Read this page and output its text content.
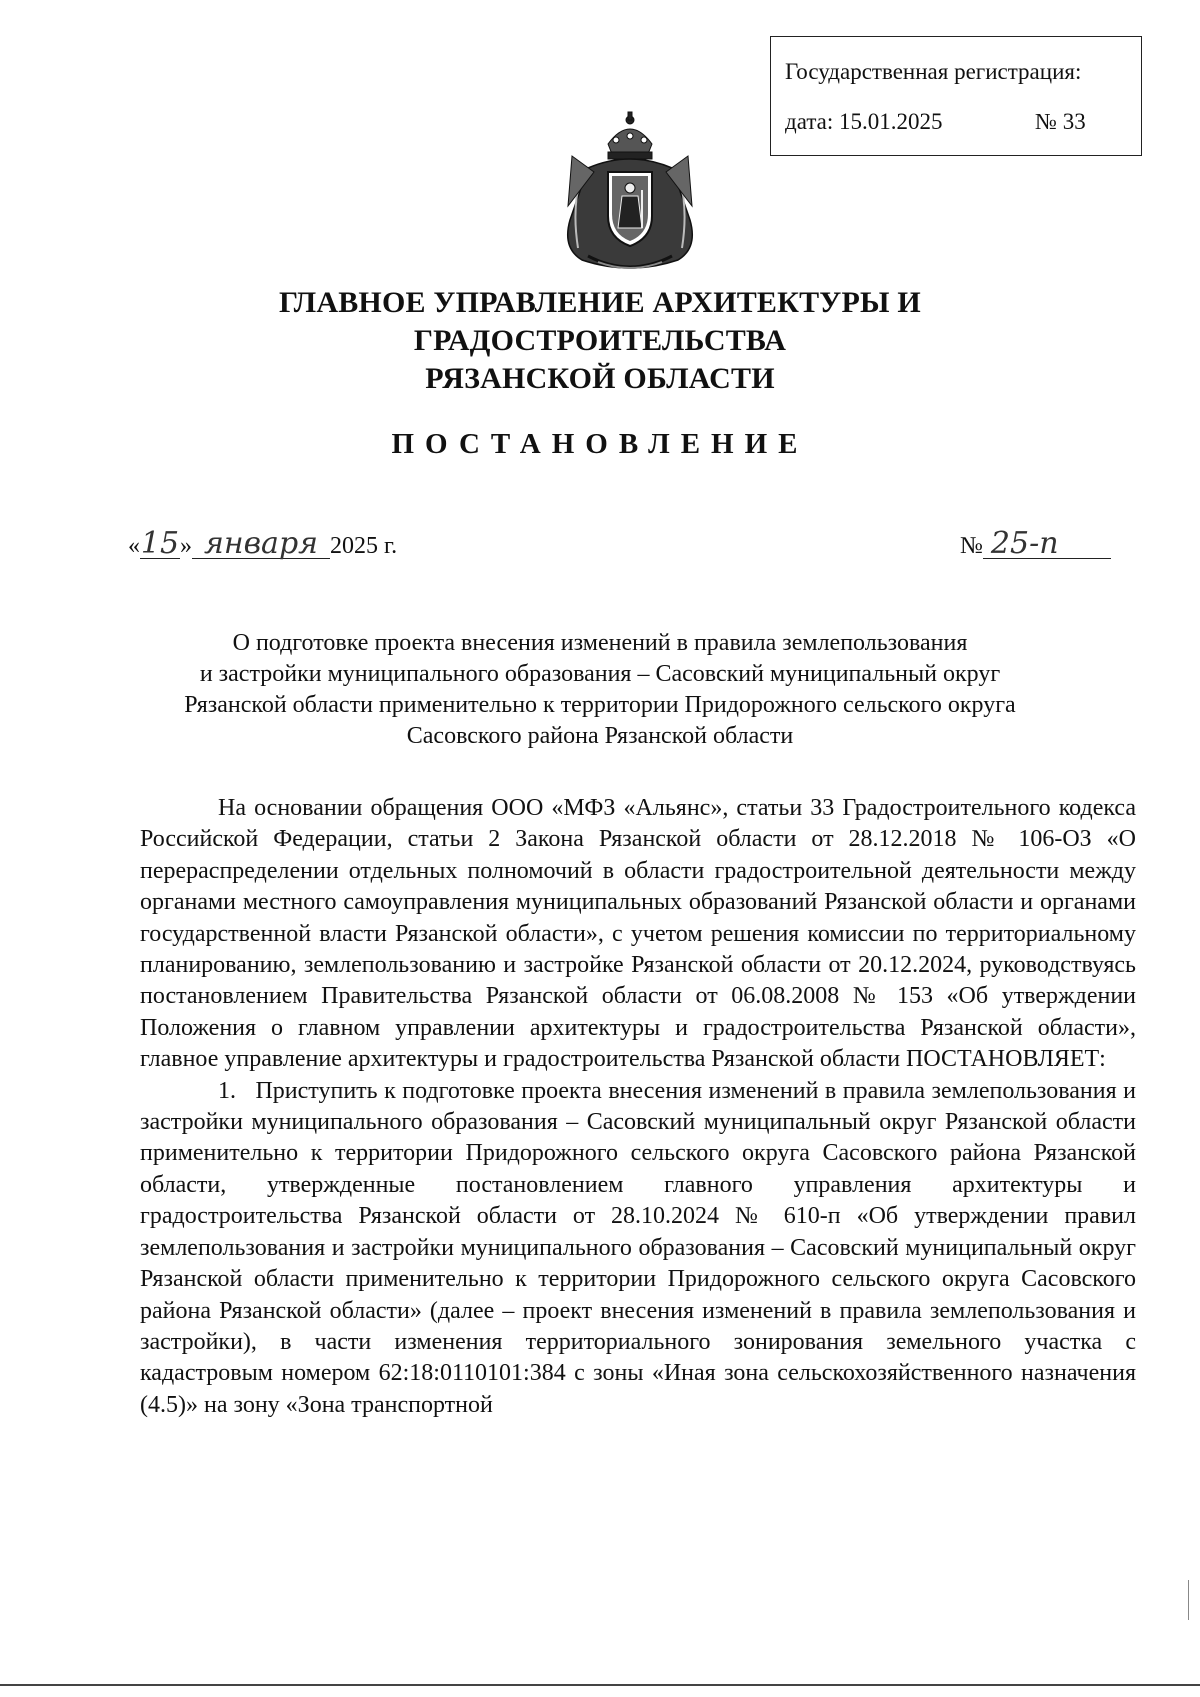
Государственная регистрация:
дата: 15.01.2025	№ 33
ГЛАВНОЕ УПРАВЛЕНИЕ АРХИТЕКТУРЫ И ГРАДОСТРОИТЕЛЬСТВА
РЯЗАНСКОЙ ОБЛАСТИ
ПОСТАНОВЛЕНИЕ
«15» января 2025 г.	№ 25-п
О подготовке проекта внесения изменений в правила землепользования
и застройки муниципального образования – Сасовский муниципальный округ
Рязанской области применительно к территории Придорожного сельского округа
Сасовского района Рязанской области

На основании обращения ООО «МФЗ «Альянс», статьи 33 Градостроительного кодекса Российской Федерации, статьи 2 Закона Рязанской области от 28.12.2018 № 106-ОЗ «О перераспределении отдельных полномочий в области градостроительной деятельности между органами местного самоуправления муниципальных образований Рязанской области и органами государственной власти Рязанской области», с учетом решения комиссии по территориальному планированию, землепользованию и застройке Рязанской области от 20.12.2024, руководствуясь постановлением Правительства Рязанской области от 06.08.2008 № 153 «Об утверждении Положения о главном управлении архитектуры и градостроительства Рязанской области», главное управление архитектуры и градостроительства Рязанской области ПОСТАНОВЛЯЕТ:

1.   Приступить к подготовке проекта внесения изменений в правила землепользования и застройки муниципального образования – Сасовский муниципальный округ Рязанской области применительно к территории Придорожного сельского округа Сасовского района Рязанской области, утвержденные постановлением главного управления архитектуры и градостроительства Рязанской области от 28.10.2024 № 610-п «Об утверждении правил землепользования и застройки муниципального образования – Сасовский муниципальный округ Рязанской области применительно к территории Придорожного сельского округа Сасовского района Рязанской области» (далее – проект внесения изменений в правила землепользования и застройки), в части изменения территориального зонирования земельного участка с кадастровым номером 62:18:0110101:384 с зоны «Иная зона сельскохозяйственного назначения (4.5)» на зону «Зона транспортной
